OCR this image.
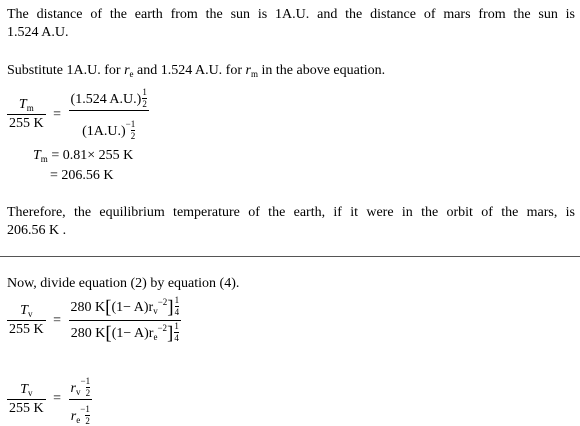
The distance of the earth from the sun is 1A.U. and the distance of mars from the sun is
1.524 A.U.
Substitute 1A.U. for $r_e$ and 1.524 A.U. for $r_m$ in the above equation.
$\frac{T_m}{255 K} = \frac{(1.524 A.U.) \frac{1}{2}}{(1A.U.)^- \frac{1}{2}}$
$T_m = 0.81\times 255$ K
= 206.56 K
Therefore, the equilibrium temperature of the earth, if it were in the orbit of the mars, is
206.56 K .
Now, divide equation (2) by equation (4).
$\frac{T_v}{255 K} = \frac{280 K[(1- A)r_v^{-2}] \frac{1}{4}}{280 K[(1- A)r_e^{-2}] \frac{1}{4}}$
$\frac{T_v}{255 K} = \frac{r_v^- \frac{1}{2}}{r_e^- \frac{1}{2}}$
